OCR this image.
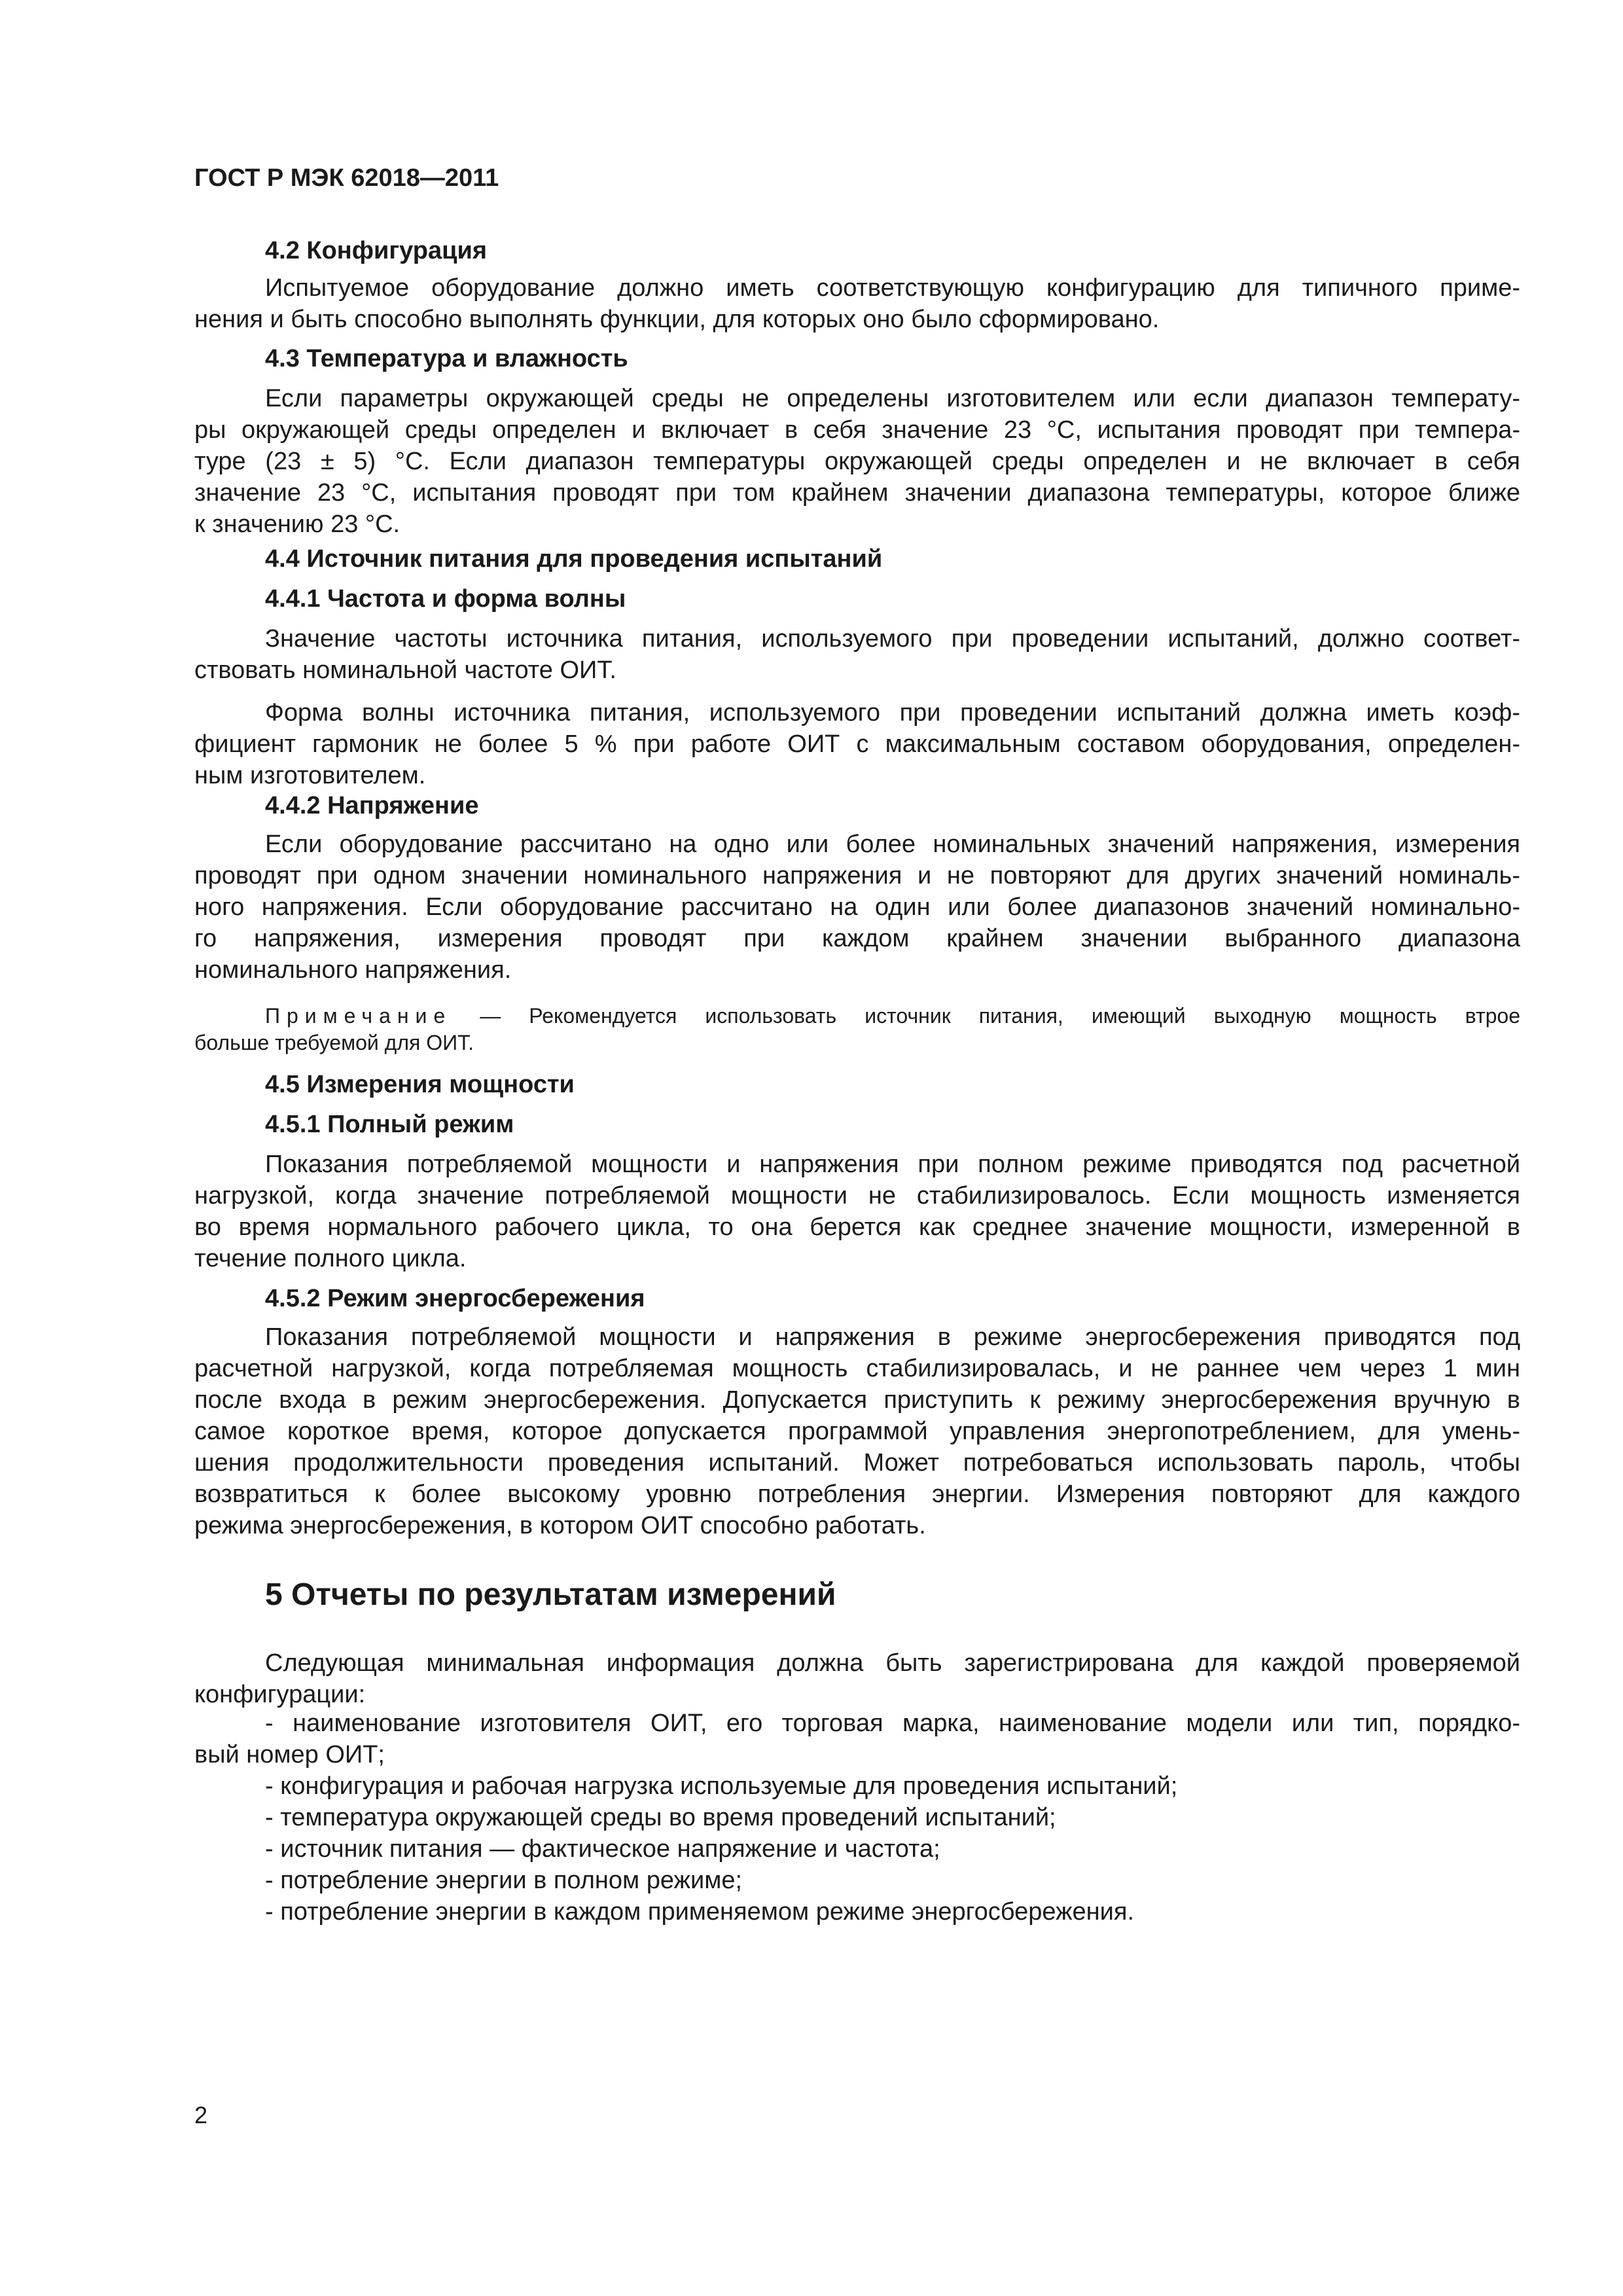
ГОСТ Р МЭК 62018—2011
4.2 Конфигурация
Испытуемое оборудование должно иметь соответствующую конфигурацию для типичного приме-
нения и быть способно выполнять функции, для которых оно было сформировано.
4.3 Температура и влажность
Если параметры окружающей среды не определены изготовителем или если диапазон температу-
ры окружающей среды определен и включает в себя значение 23 °С, испытания проводят при темпера-
туре (23 ± 5) °С. Если диапазон температуры окружающей среды определен и не включает в себя
значение 23 °С, испытания проводят при том крайнем значении диапазона температуры, которое ближе
к значению 23 °С.
4.4 Источник питания для проведения испытаний
4.4.1 Частота и форма волны
Значение частоты источника питания, используемого при проведении испытаний, должно соответ-
ствовать номинальной частоте ОИТ.
Форма волны источника питания, используемого при проведении испытаний должна иметь коэф-
фициент гармоник не более 5 % при работе ОИТ с максимальным составом оборудования, определен-
ным изготовителем.
4.4.2 Напряжение
Если оборудование рассчитано на одно или более номинальных значений напряжения, измерения
проводят при одном значении номинального напряжения и не повторяют для других значений номиналь-
ного напряжения. Если оборудование рассчитано на один или более диапазонов значений номинально-
го напряжения, измерения проводят при каждом крайнем значении выбранного диапазона
номинального напряжения.
Примечание — Рекомендуется использовать источник питания, имеющий выходную мощность втрое
больше требуемой для ОИТ.
4.5 Измерения мощности
4.5.1 Полный режим
Показания потребляемой мощности и напряжения при полном режиме приводятся под расчетной
нагрузкой, когда значение потребляемой мощности не стабилизировалось. Если мощность изменяется
во время нормального рабочего цикла, то она берется как среднее значение мощности, измеренной в
течение полного цикла.
4.5.2 Режим энергосбережения
Показания потребляемой мощности и напряжения в режиме энергосбережения приводятся под
расчетной нагрузкой, когда потребляемая мощность стабилизировалась, и не раннее чем через 1 мин
после входа в режим энергосбережения. Допускается приступить к режиму энергосбережения вручную в
самое короткое время, которое допускается программой управления энергопотреблением, для умень-
шения продолжительности проведения испытаний. Может потребоваться использовать пароль, чтобы
возвратиться к более высокому уровню потребления энергии. Измерения повторяют для каждого
режима энергосбережения, в котором ОИТ способно работать.
5 Отчеты по результатам измерений
Следующая минимальная информация должна быть зарегистрирована для каждой проверяемой
конфигурации:
- наименование изготовителя ОИТ, его торговая марка, наименование модели или тип, порядко-
вый номер ОИТ;
- конфигурация и рабочая нагрузка используемые для проведения испытаний;
- температура окружающей среды во время проведений испытаний;
- источник питания — фактическое напряжение и частота;
- потребление энергии в полном режиме;
- потребление энергии в каждом применяемом режиме энергосбережения.
2
